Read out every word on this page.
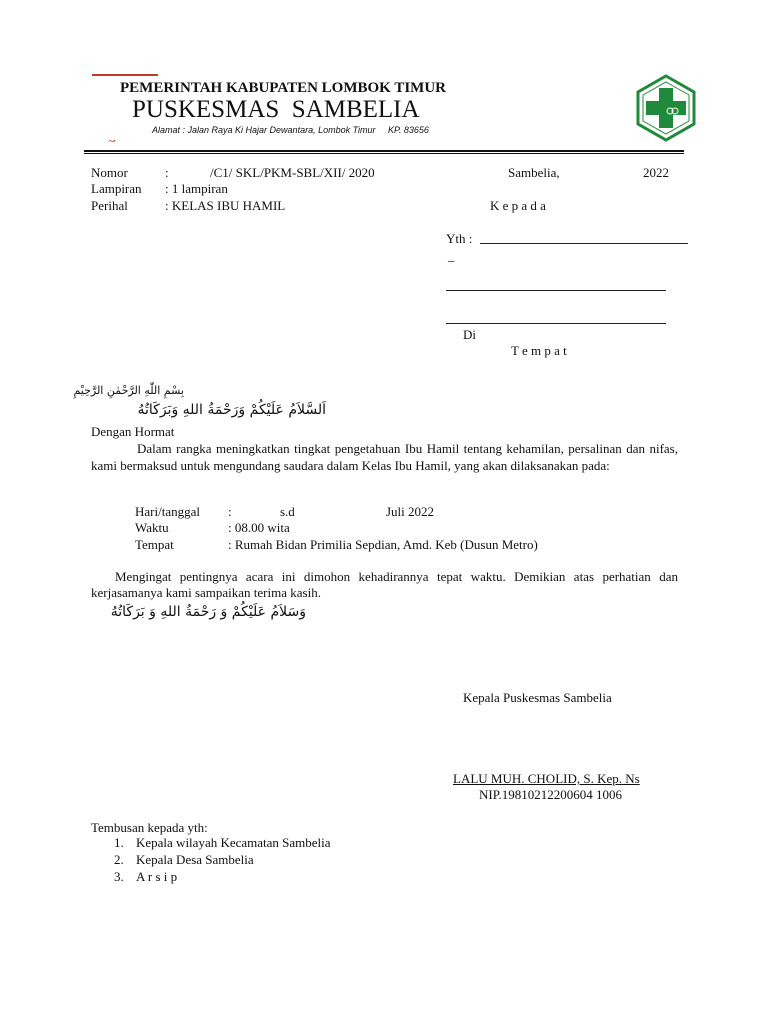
PEMERINTAH KABUPATEN LOMBOK TIMUR
PUSKESMAS  SAMBELIA
Alamat : Jalan Raya Ki Hajar Dewantara, Lombok Timur     KP. 83656
↝
Nomor	:	/C1/ SKL/PKM-SBL/XII/ 2020	Sambelia,	2022
Lampiran : 1 lampiran
Perihal	: KELAS IBU HAMIL	K e p a d a
Yth :
_
Di
T e m p a t
بِسْمِ اللّٰهِ الرَّحْمٰنِ الرَّحِيْمِ
اَلسَّلاَمُ عَلَيْكُمْ وَرَحْمَةُ اللهِ وَبَرَكَاتُهُ
Dengan Hormat
Dalam rangka meningkatkan tingkat pengetahuan Ibu Hamil tentang kehamilan, persalinan dan nifas, kami bermaksud untuk mengundang saudara dalam Kelas Ibu Hamil, yang akan dilaksanakan pada:
Hari/tanggal :	s.d	Juli 2022
Waktu	: 08.00 wita
Tempat	: Rumah Bidan Primilia Sepdian, Amd. Keb (Dusun Metro)
Mengingat pentingnya acara ini dimohon kehadirannya tepat waktu. Demikian atas perhatian dan kerjasamanya kami sampaikan terima kasih.
وَسَلاَمُ عَلَيْكُمْ وَ رَحْمَةُ اللهِ وَ بَرَكَاتُهُ
Kepala Puskesmas Sambelia
LALU MUH. CHOLID, S. Kep. Ns
NIP.19810212200604 1006
Tembusan kepada yth:
1. Kepala wilayah Kecamatan Sambelia
2. Kepala Desa Sambelia
3. A r s i p
